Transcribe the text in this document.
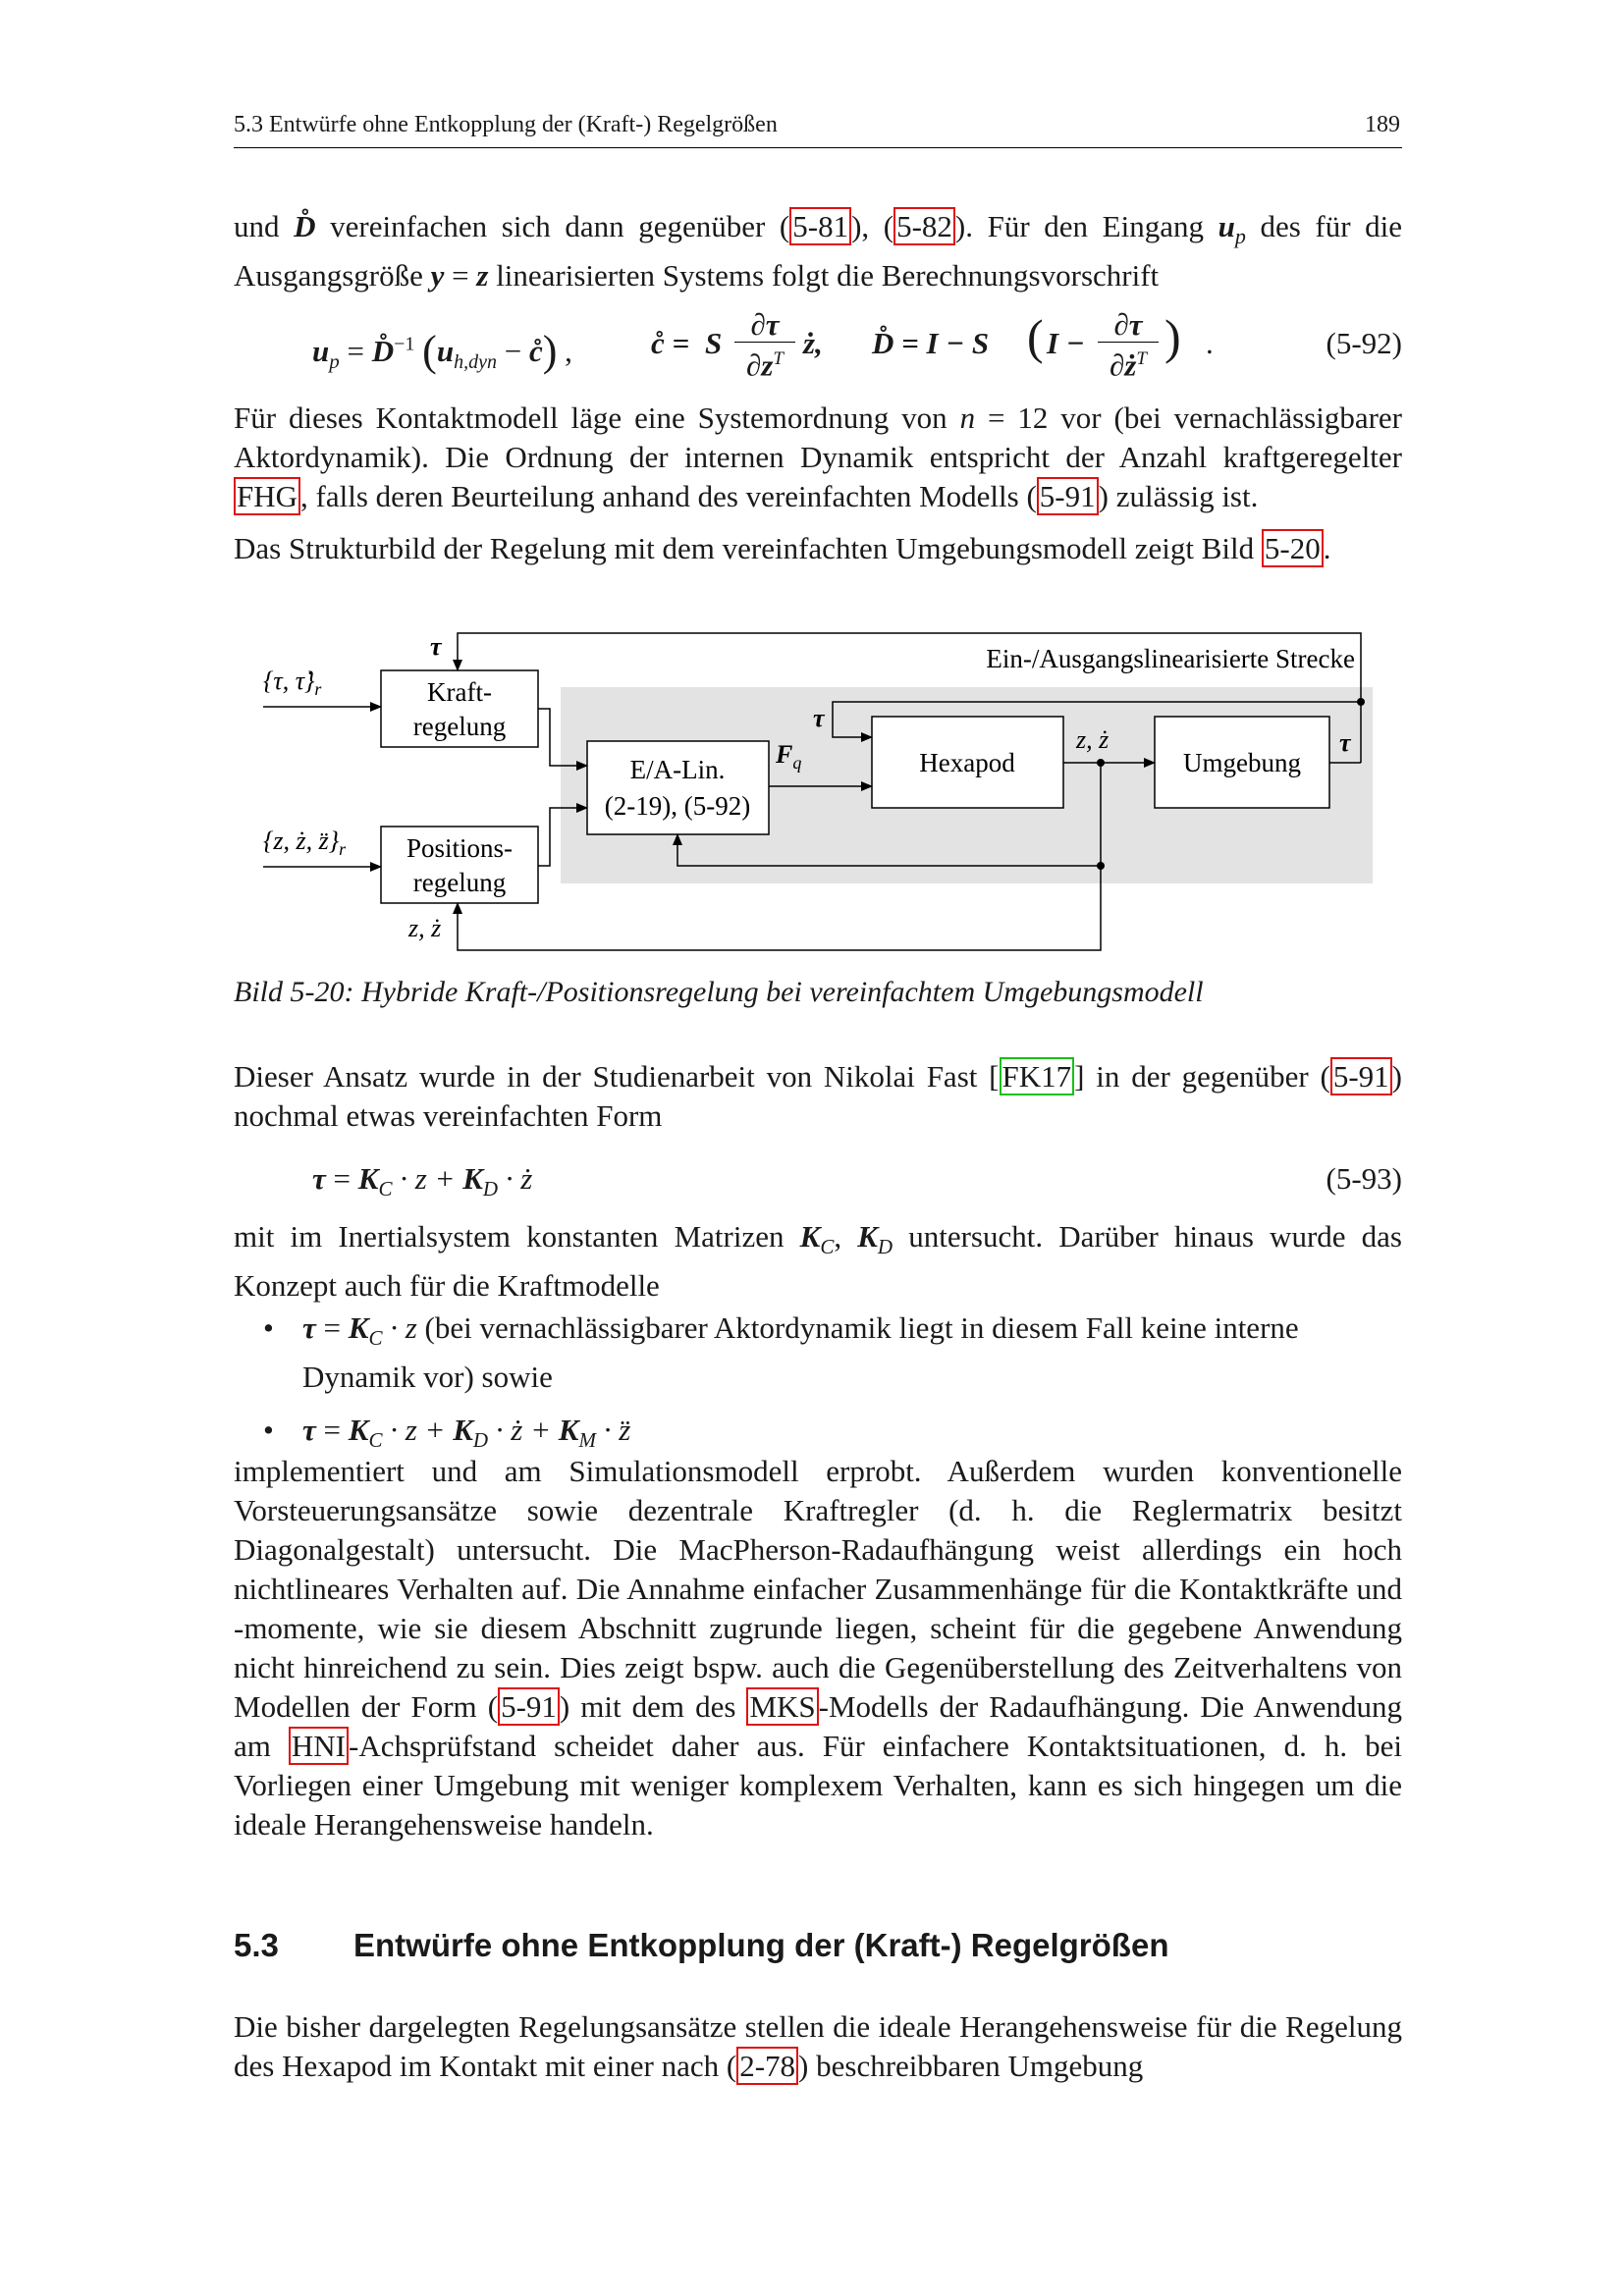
5.3 Entwürfe ohne Entkopplung der (Kraft-) Regelgrößen	189

und D̊ vereinfachen sich dann gegenüber (5-81), (5-82). Für den Eingang $u_p$ des für die Ausgangsgröße y = z linearisierten Systems folgt die Berechnungsvorschrift

$u_p$ = D̊$^{-1}$ ($u_{h,dyn}$ − c̊) ,	c̊ = S
∂τ
$\partial z^T$ ż, D̊ = I − S ( I −
∂τ
$\partial ż^T$ ) .	(5-92)

Für dieses Kontaktmodell läge eine Systemordnung von n = 12 vor (bei vernachlässigbarer Aktordynamik). Die Ordnung der internen Dynamik entspricht der Anzahl kraftgeregelter FHG, falls deren Beurteilung anhand des vereinfachten Modells (5-91) zulässig ist.

Das Strukturbild der Regelung mit dem vereinfachten Umgebungsmodell zeigt Bild 5-20.

Ein-/Ausgangslinearisierte Strecke
Kraft-
regelung
Positions-
regelung
E/A-Lin.
(2-19), (5-92)
Hexapod	Umgebung
{τ, $\tau̇\}_r$
{z, ż, $z̈\}_r$
$F_q$
z, ż
z, ż
τ
τ
τ
Bild 5-20: Hybride Kraft-/Positionsregelung bei vereinfachtem Umgebungsmodell

Dieser Ansatz wurde in der Studienarbeit von Nikolai Fast [FK17] in der gegenüber (5-91) nochmal etwas vereinfachten Form

$\tau = K_C \cdot z + K_D$ · ż	(5-93)

mit im Inertialsystem konstanten Matrizen $K_C$, $K_D$ untersucht. Darüber hinaus wurde das Konzept auch für die Kraftmodelle

• $\tau = K_C \cdot z$ (bei vernachlässigbarer Aktordynamik liegt in diesem Fall keine interne Dynamik vor) sowie
• $\tau = K_C \cdot z + K_D$ · ż + $K_M$ · z̈

implementiert und am Simulationsmodell erprobt. Außerdem wurden konventionelle Vorsteuerungsansätze sowie dezentrale Kraftregler (d. h. die Reglermatrix besitzt Diagonalgestalt) untersucht. Die MacPherson-Radaufhängung weist allerdings ein hoch nichtlineares Verhalten auf. Die Annahme einfacher Zusammenhänge für die Kontaktkräfte und -momente, wie sie diesem Abschnitt zugrunde liegen, scheint für die gegebene Anwendung nicht hinreichend zu sein. Dies zeigt bspw. auch die Gegenüberstellung des Zeitverhaltens von Modellen der Form (5-91) mit dem des MKS-Modells der Radaufhängung. Die Anwendung am HNI-Achsprüfstand scheidet daher aus. Für einfachere Kontaktsituationen, d. h. bei Vorliegen einer Umgebung mit weniger komplexem Verhalten, kann es sich hingegen um die ideale Herangehensweise handeln.

5.3 Entwürfe ohne Entkopplung der (Kraft-) Regelgrößen

Die bisher dargelegten Regelungsansätze stellen die ideale Herangehensweise für die Regelung des Hexapod im Kontakt mit einer nach (2-78) beschreibbaren Umgebung
